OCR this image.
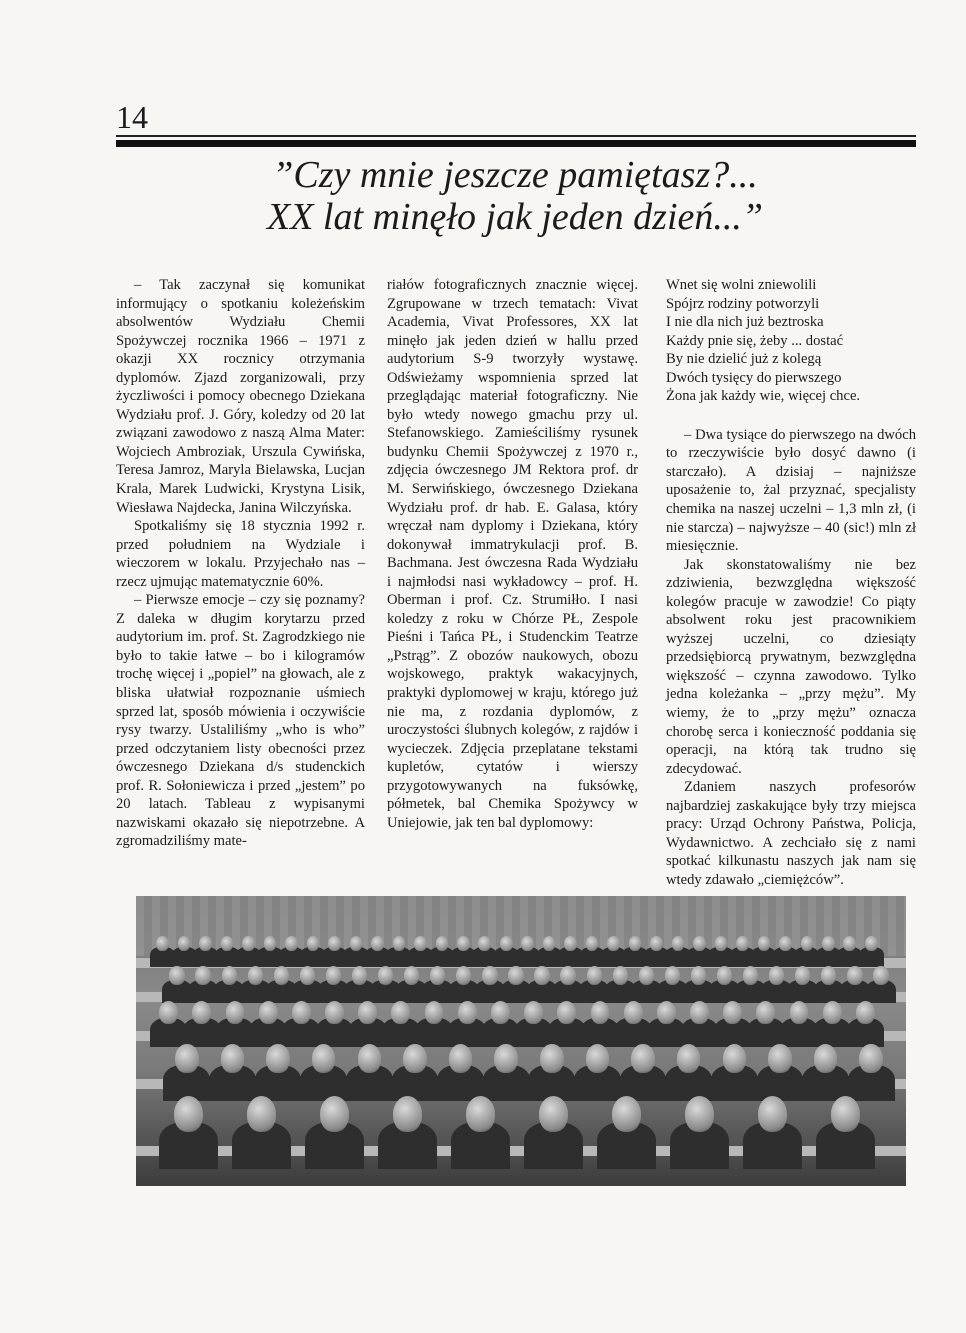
14
”Czy mnie jeszcze pamiętasz?...
XX lat minęło jak jeden dzień...”

– Tak zaczynał się komunikat informujący o spotkaniu koleżeńskim absolwentów Wydziału Chemii Spożywczej rocznika 1966 – 1971 z okazji XX rocznicy otrzymania dyplomów. Zjazd zorganizowali, przy życzliwości i pomocy obecnego Dziekana Wydziału prof. J. Góry, koledzy od 20 lat związani zawodowo z naszą Alma Mater: Wojciech Ambroziak, Urszula Cywińska, Teresa Jamroz, Maryla Bielawska, Lucjan Krala, Marek Ludwicki, Krystyna Lisik, Wiesława Najdecka, Janina Wilczyńska.

Spotkaliśmy się 18 stycznia 1992 r. przed południem na Wydziale i wieczorem w lokalu. Przyjechało nas – rzecz ujmując matematycznie 60%.

– Pierwsze emocje – czy się poznamy? Z daleka w długim korytarzu przed audytorium im. prof. St. Zagrodzkiego nie było to takie łatwe – bo i kilogramów trochę więcej i „popiel” na głowach, ale z bliska ułatwiał rozpoznanie uśmiech sprzed lat, sposób mówienia i oczywiście rysy twarzy. Ustaliliśmy „who is who” przed odczytaniem listy obecności przez ówczesnego Dziekana d/s studenckich prof. R. Sołoniewicza i przed „jestem” po 20 latach. Tableau z wypisanymi nazwiskami okazało się niepotrzebne. A zgromadziliśmy mate-

riałów fotograficznych znacznie więcej. Zgrupowane w trzech tematach: Vivat Academia, Vivat Professores, XX lat minęło jak jeden dzień w hallu przed audytorium S-9 tworzyły wystawę. Odświeżamy wspomnienia sprzed lat przeglądając materiał fotograficzny. Nie było wtedy nowego gmachu przy ul. Stefanowskiego. Zamieściliśmy rysunek budynku Chemii Spożywczej z 1970 r., zdjęcia ówczesnego JM Rektora prof. dr M. Serwińskiego, ówczesnego Dziekana Wydziału prof. dr hab. E. Galasa, który wręczał nam dyplomy i Dziekana, który dokonywał immatrykulacji prof. B. Bachmana. Jest ówczesna Rada Wydziału i najmłodsi nasi wykładowcy – prof. H. Oberman i prof. Cz. Strumiłło. I nasi koledzy z roku w Chórze PŁ, Zespole Pieśni i Tańca PŁ, i Studenckim Teatrze „Pstrąg”. Z obozów naukowych, obozu wojskowego, praktyk wakacyjnych, praktyki dyplomowej w kraju, którego już nie ma, z rozdania dyplomów, z uroczystości ślubnych kolegów, z rajdów i wycieczek. Zdjęcia przeplatane tekstami kupletów, cytatów i wierszy przygotowywanych na fuksówkę, półmetek, bal Chemika Spożywcy w Uniejowie, jak ten bal dyplomowy:

Wnet się wolni zniewolili
Spójrz rodziny potworzyli
I nie dla nich już beztroska
Każdy pnie się, żeby ... dostać
By nie dzielić już z kolegą
Dwóch tysięcy do pierwszego
Żona jak każdy wie, więcej chce.

– Dwa tysiące do pierwszego na dwóch to rzeczywiście było dosyć dawno (i starczało). A dzisiaj – najniższe uposażenie to, żal przyznać, specjalisty chemika na naszej uczelni – 1,3 mln zł, (i nie starcza) – najwyższe – 40 (sic!) mln zł miesięcznie.

Jak skonstatowaliśmy nie bez zdziwienia, bezwzględna większość kolegów pracuje w zawodzie! Co piąty absolwent roku jest pracownikiem wyższej uczelni, co dziesiąty przedsiębiorcą prywatnym, bezwzględna większość – czynna zawodowo. Tylko jedna koleżanka – „przy mężu”. My wiemy, że to „przy mężu” oznacza chorobę serca i konieczność poddania się operacji, na którą tak trudno się zdecydować.

Zdaniem naszych profesorów najbardziej zaskakujące były trzy miejsca pracy: Urząd Ochrony Państwa, Policja, Wydawnictwo. A zechciało się z nami spotkać kilkunastu naszych jak nam się wtedy zdawało „ciemiężców”.
